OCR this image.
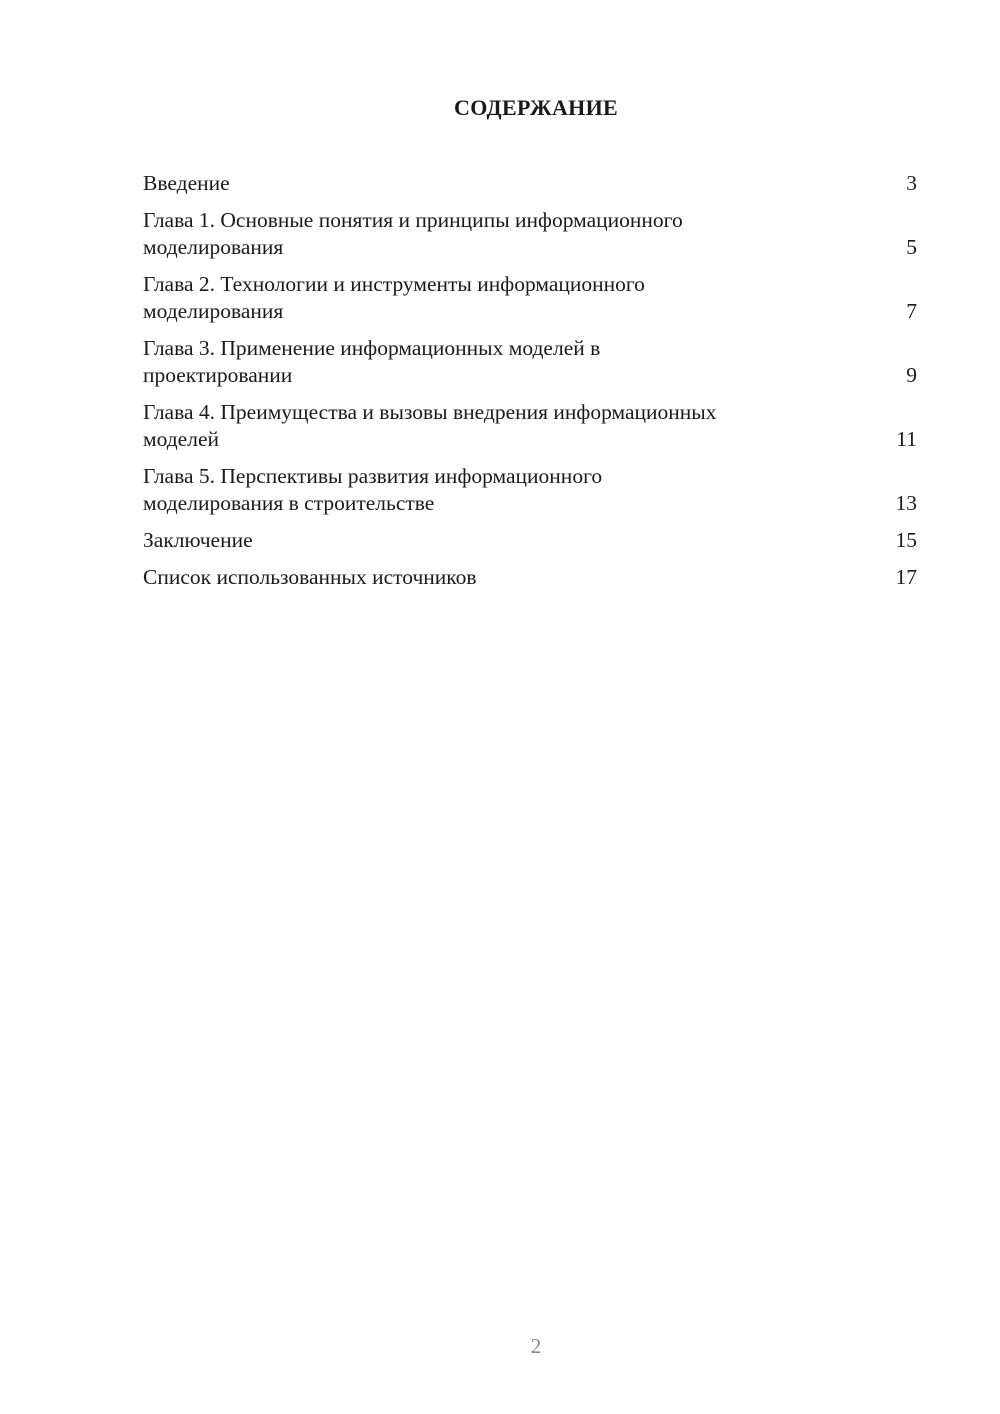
СОДЕРЖАНИЕ
Введение	3
Глава 1. Основные понятия и принципы информационного
моделирования	5
Глава 2. Технологии и инструменты информационного
моделирования	7
Глава 3. Применение информационных моделей в
проектировании	9
Глава 4. Преимущества и вызовы внедрения информационных
моделей	11
Глава 5. Перспективы развития информационного
моделирования в строительстве	13
Заключение	15
Список использованных источников	17

2
